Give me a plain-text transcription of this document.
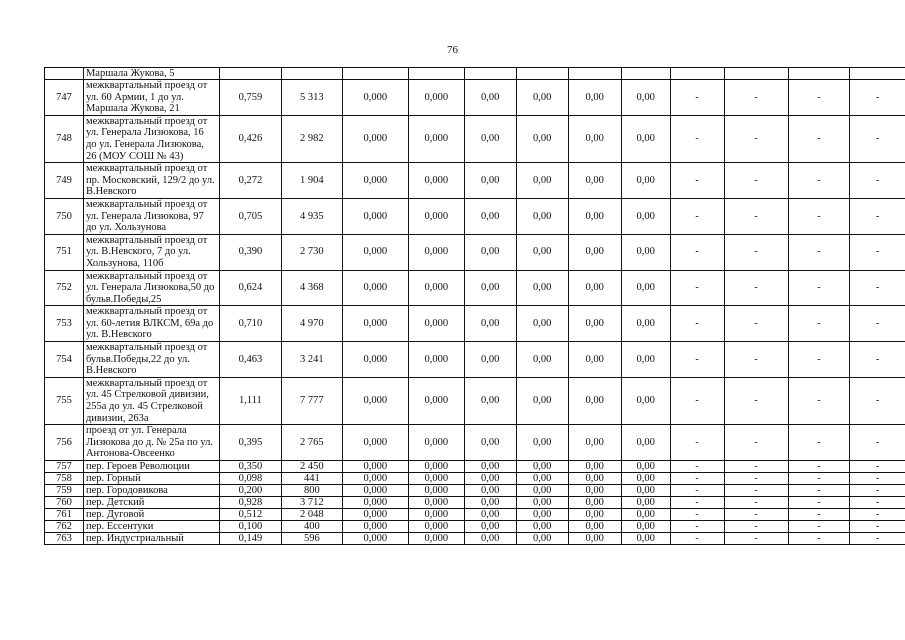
76
	Маршала Жукова, 5												
747	межквартальный проезд от ул. 60 Армии, 1 до ул. Маршала Жукова, 21	0,759	5 313	0,000	0,000	0,00	0,00	0,00	0,00	-	-	-	-
748	межквартальный проезд от ул. Генерала Лизюкова, 16 до ул. Генерала Лизюкова, 26 (МОУ СОШ № 43)	0,426	2 982	0,000	0,000	0,00	0,00	0,00	0,00	-	-	-	-
749	межквартальный проезд от пр. Московский, 129/2 до ул. В.Невского	0,272	1 904	0,000	0,000	0,00	0,00	0,00	0,00	-	-	-	-
750	межквартальный проезд от ул. Генерала Лизюкова, 97 до ул. Хользунова	0,705	4 935	0,000	0,000	0,00	0,00	0,00	0,00	-	-	-	-
751	межквартальный проезд от ул. В.Невского, 7 до ул. Хользунова, 110б	0,390	2 730	0,000	0,000	0,00	0,00	0,00	0,00	-	-	-	-
752	межквартальный проезд от ул. Генерала Лизюкова,50 до бульв.Победы,25	0,624	4 368	0,000	0,000	0,00	0,00	0,00	0,00	-	-	-	-
753	межквартальный проезд от ул. 60-летия ВЛКСМ, 69а до ул. В.Невского	0,710	4 970	0,000	0,000	0,00	0,00	0,00	0,00	-	-	-	-
754	межквартальный проезд от бульв.Победы,22 до ул. В.Невского	0,463	3 241	0,000	0,000	0,00	0,00	0,00	0,00	-	-	-	-
755	межквартальный проезд от ул. 45 Стрелковой дивизии, 255а до ул. 45 Стрелковой дивизии, 263а	1,111	7 777	0,000	0,000	0,00	0,00	0,00	0,00	-	-	-	-
756	проезд от ул. Генерала Лизюкова до д. № 25а по ул. Антонова-Овсеенко	0,395	2 765	0,000	0,000	0,00	0,00	0,00	0,00	-	-	-	-
757	пер. Героев Революции	0,350	2 450	0,000	0,000	0,00	0,00	0,00	0,00	-	-	-	-
758	пер. Горный	0,098	441	0,000	0,000	0,00	0,00	0,00	0,00	-	-	-	-
759	пер. Городовикова	0,200	800	0,000	0,000	0,00	0,00	0,00	0,00	-	-	-	-
760	пер. Детский	0,928	3 712	0,000	0,000	0,00	0,00	0,00	0,00	-	-	-	-
761	пер. Дуговой	0,512	2 048	0,000	0,000	0,00	0,00	0,00	0,00	-	-	-	-
762	пер. Ессентуки	0,100	400	0,000	0,000	0,00	0,00	0,00	0,00	-	-	-	-
763	пер. Индустриальный	0,149	596	0,000	0,000	0,00	0,00	0,00	0,00	-	-	-	-
